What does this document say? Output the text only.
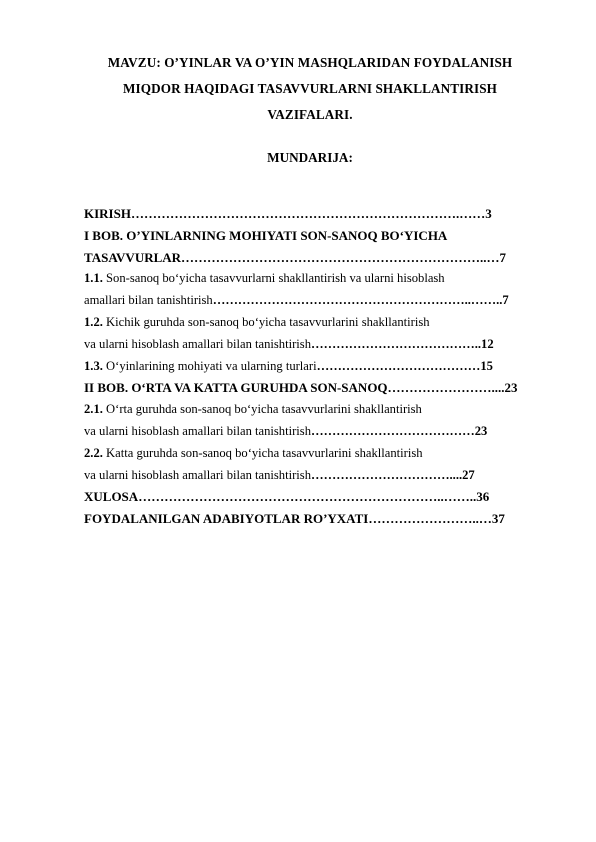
MAVZU: O’YINLAR VA O’YIN MASHQLARIDAN FOYDALANISH
MIQDOR HAQIDAGI TASAVVURLARNI SHAKLLANTIRISH
VAZIFALARI.
MUNDARIJA:
KIRISH………………………………………………………………….……3
I BOB. O’YINLARNING MOHIYATI SON-SANOQ BOʻYICHA
TASAVVURLAR……………………………………………………………..…7
1.1. Son-sanoq boʻyicha tasavvurlarni shakllantirish va ularni hisoblash
amallari bilan tanishtirish……………………………………………………..……..7
1.2. Kichik guruhda son-sanoq boʻyicha tasavvurlarini shakllantirish
va ularni hisoblash amallari bilan tanishtirish…………………………………..12
1.3. Oʻyinlarining mohiyati va ularning turlari…………………………………15
II BOB. OʻRTA VA KATTA GURUHDA SON-SANOQ……………………....23
2.1. Oʻrta guruhda son-sanoq boʻyicha tasavvurlarini shakllantirish
va ularni hisoblash amallari bilan tanishtirish…………………………………23
2.2. Katta guruhda son-sanoq boʻyicha tasavvurlarini shakllantirish
va ularni hisoblash amallari bilan tanishtirish……………………………....27
XULOSA……………………………………………………………..……..36
FOYDALANILGAN ADABIYOTLAR RO’YXATI……………………..…37
